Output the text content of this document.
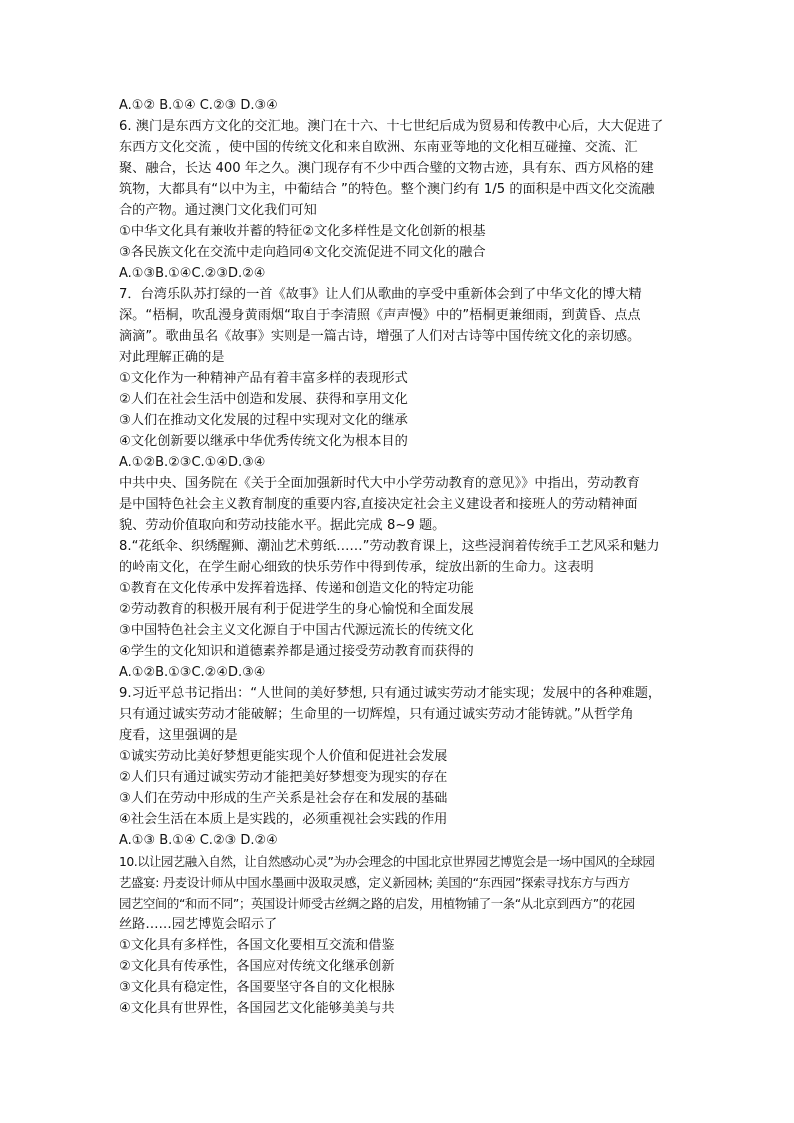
A.①② B.①④ C.②③ D.③④
6. 澳门是东西方文化的交汇地。澳门在十六、十七世纪后成为贸易和传教中心后，大大促进了
东西方文化交流 ，使中国的传统文化和来自欧洲、东南亚等地的文化相互碰撞、交流、汇
聚、融合，长达 400 年之久。澳门现存有不少中西合璧的文物古迹，具有东、西方风格的建
筑物，大都具有“以中为主，中葡结合 ”的特色。整个澳门约有 1/5 的面积是中西文化交流融
合的产物。通过澳门文化我们可知
①中华文化具有兼收并蓄的特征②文化多样性是文化创新的根基
③各民族文化在交流中走向趋同④文化交流促进不同文化的融合
A.①③B.①④C.②③D.②④
7．台湾乐队苏打绿的一首《故事》让人们从歌曲的享受中重新体会到了中华文化的博大精
深。“梧桐，吹乱漫身黄雨烟“取自于李清照《声声慢》中的”梧桐更兼细雨，到黄昏、点点
滴滴”。歌曲虽名《故事》实则是一篇古诗，增强了人们对古诗等中国传统文化的亲切感。
对此理解正确的是
①文化作为一种精神产品有着丰富多样的表现形式
②人们在社会生活中创造和发展、获得和享用文化
③人们在推动文化发展的过程中实现对文化的继承
④文化创新要以继承中华优秀传统文化为根本目的
A.①②B.②③C.①④D.③④
中共中央、国务院在《关于全面加强新时代大中小学劳动教育的意见》》中指出，劳动教育
是中国特色社会主义教育制度的重要内容,直接决定社会主义建设者和接班人的劳动精神面
貌、劳动价值取向和劳动技能水平。据此完成 8~9 题。
8.“花纸伞、织绣醒狮、潮汕艺术剪纸……”劳动教育课上，这些浸润着传统手工艺风采和魅力
的岭南文化，在学生耐心细致的快乐劳作中得到传承，绽放出新的生命力。这表明
①教育在文化传承中发挥着选择、传递和创造文化的特定功能
②劳动教育的积极开展有利于促进学生的身心愉悦和全面发展
③中国特色社会主义文化源自于中国古代源远流长的传统文化
④学生的文化知识和道德素养都是通过接受劳动教育而获得的
A.①②B.①③C.②④D.③④
9.习近平总书记指出：“人世间的美好梦想, 只有通过诚实劳动才能实现；发展中的各种难题，
只有通过诚实劳动才能破解；生命里的一切辉煌，只有通过诚实劳动才能铸就。”从哲学角
度看，这里强调的是
①诚实劳动比美好梦想更能实现个人价值和促进社会发展
②人们只有通过诚实劳动才能把美好梦想变为现实的存在
③人们在劳动中形成的生产关系是社会存在和发展的基础
④社会生活在本质上是实践的，必须重视社会实践的作用
A.①③ B.①④ C.②③ D.②④
10.以让园艺融入自然，让自然感动心灵”为办会理念的中国北京世界园艺博览会是一场中国风的全球园
艺盛宴: 丹麦设计师从中国水墨画中汲取灵感，定义新园林; 美国的“东西园”探索寻找东方与西方
园艺空间的“和而不同”；英国设计师受古丝绸之路的启发，用植物铺了一条“从北京到西方”的花园
丝路……园艺博览会昭示了
①文化具有多样性，各国文化要相互交流和借鉴
②文化具有传承性，各国应对传统文化继承创新
③文化具有稳定性，各国要坚守各自的文化根脉
④文化具有世界性，各国园艺文化能够美美与共
